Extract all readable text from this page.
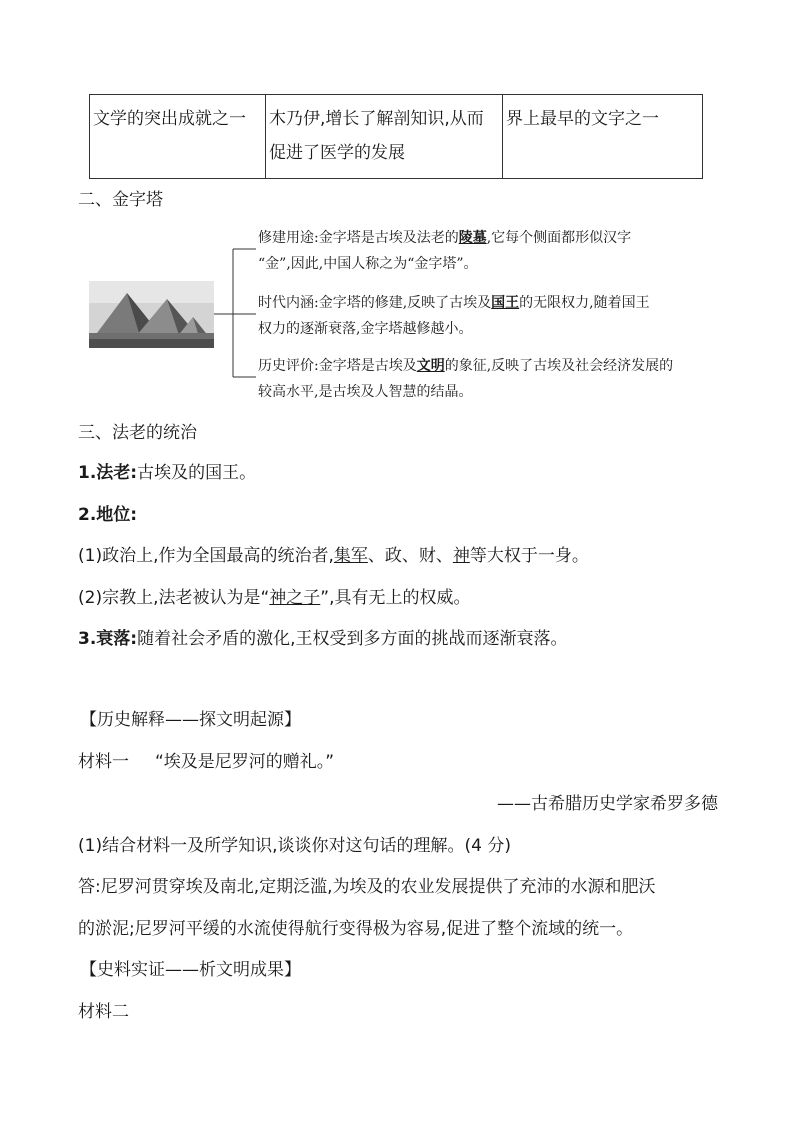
文学的突出成就之一	木乃伊,增长了解剖知识,从而促进了医学的发展	界上最早的文字之一
二、金字塔
修建用途:金字塔是古埃及法老的陵墓,它每个侧面都形似汉字
“金”,因此,中国人称之为“金字塔”。
时代内涵:金字塔的修建,反映了古埃及国王的无限权力,随着国王
权力的逐渐衰落,金字塔越修越小。
历史评价:金字塔是古埃及文明的象征,反映了古埃及社会经济发展的
较高水平,是古埃及人智慧的结晶。
三、法老的统治
1.法老:古埃及的国王。
2.地位:
(1)政治上,作为全国最高的统治者,集军、政、财、神等大权于一身。
(2)宗教上,法老被认为是“神之子”,具有无上的权威。
3.衰落:随着社会矛盾的激化,王权受到多方面的挑战而逐渐衰落。
【历史解释——探文明起源】
材料一 “埃及是尼罗河的赠礼。”
——古希腊历史学家希罗多德
(1)结合材料一及所学知识,谈谈你对这句话的理解。(4 分)
答:尼罗河贯穿埃及南北,定期泛滥,为埃及的农业发展提供了充沛的水源和肥沃
的淤泥;尼罗河平缓的水流使得航行变得极为容易,促进了整个流域的统一。
【史料实证——析文明成果】
材料二
